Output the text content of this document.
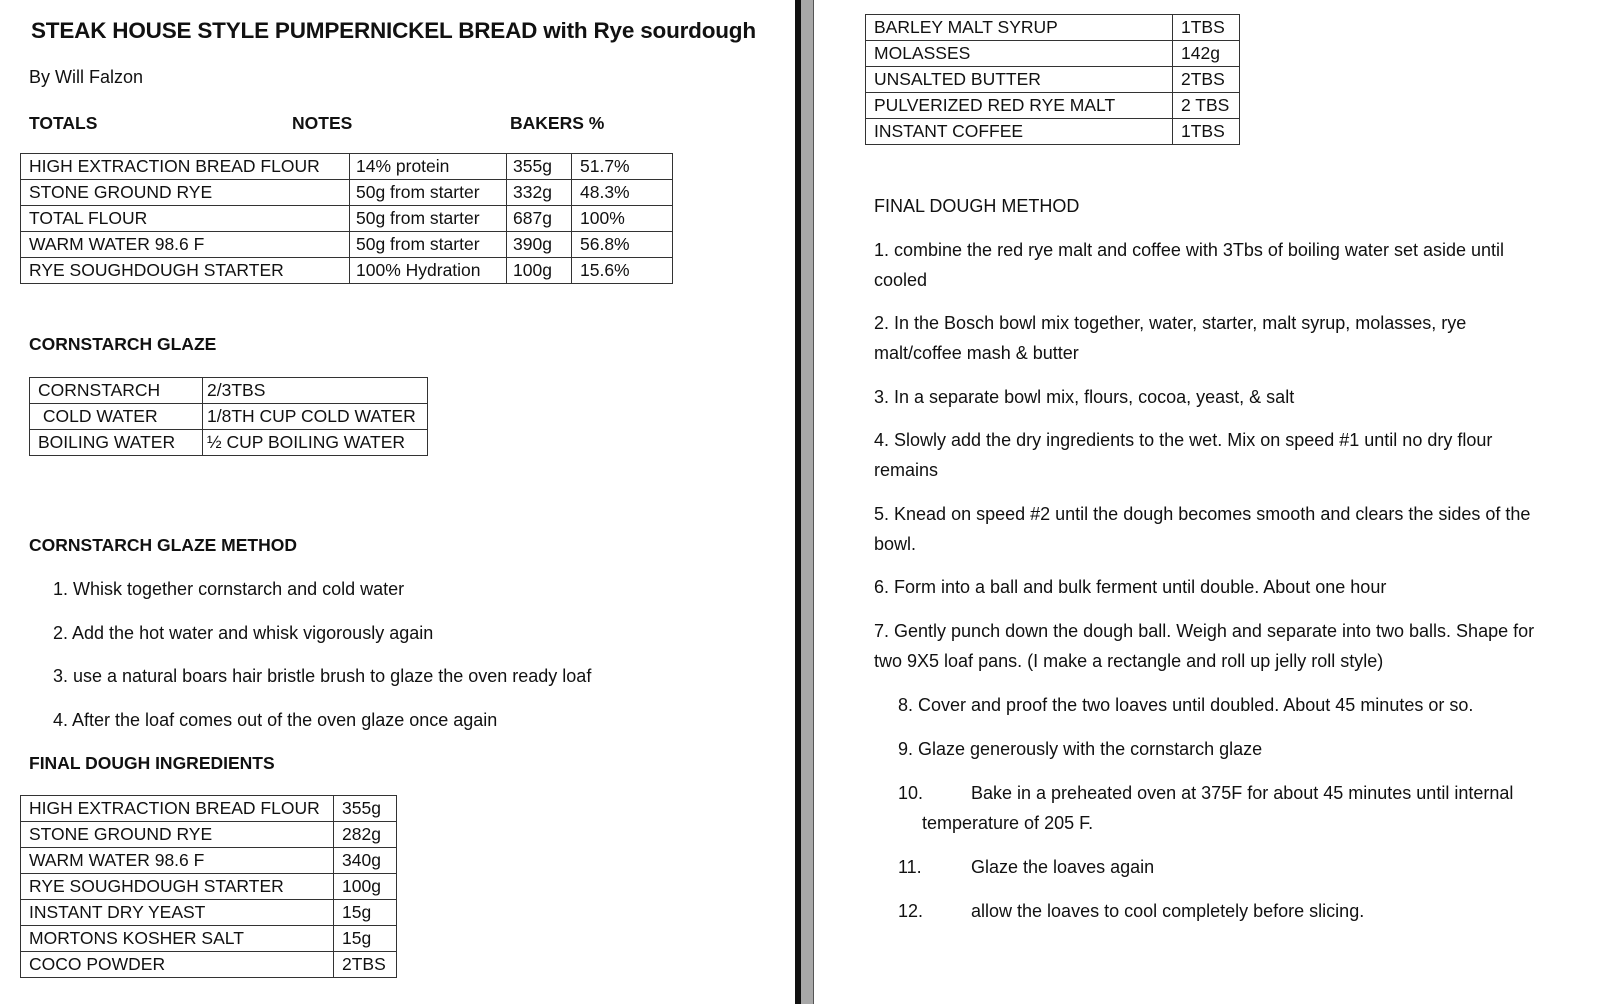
STEAK HOUSE STYLE PUMPERNICKEL BREAD with Rye sourdough
By Will Falzon
TOTALS	NOTES	BAKERS %
HIGH EXTRACTION BREAD FLOUR	14% protein	355g	51.7%
STONE GROUND RYE	50g from starter	332g	48.3%
TOTAL FLOUR	50g from starter	687g	100%
WARM WATER 98.6 F	50g from starter	390g	56.8%
RYE SOUGHDOUGH STARTER	100% Hydration	100g	15.6%
CORNSTARCH GLAZE
CORNSTARCH	2/3TBS
COLD WATER	1/8TH CUP COLD WATER
BOILING WATER	½ CUP BOILING WATER
CORNSTARCH GLAZE METHOD
1. Whisk together cornstarch and cold water
2. Add the hot water and whisk vigorously again
3. use a natural boars hair bristle brush to glaze the oven ready loaf
4. After the loaf comes out of the oven glaze once again
FINAL DOUGH INGREDIENTS
HIGH EXTRACTION BREAD FLOUR	355g
STONE GROUND RYE	282g
WARM WATER 98.6 F	340g
RYE SOUGHDOUGH STARTER	100g
INSTANT DRY YEAST	15g
MORTONS KOSHER SALT	15g
COCO POWDER	2TBS
BARLEY MALT SYRUP	1TBS
MOLASSES	142g
UNSALTED BUTTER	2TBS
PULVERIZED RED RYE MALT	2 TBS
INSTANT COFFEE	1TBS
FINAL DOUGH METHOD
1. combine the red rye malt and coffee with 3Tbs of boiling water set aside until
cooled
2. In the Bosch bowl mix together, water, starter, malt syrup, molasses, rye
malt/coffee mash & butter
3. In a separate bowl mix, flours, cocoa, yeast, & salt
4. Slowly add the dry ingredients to the wet. Mix on speed #1 until no dry flour
remains
5. Knead on speed #2 until the dough becomes smooth and clears the sides of the
bowl.
6. Form into a ball and bulk ferment until double. About one hour
7. Gently punch down the dough ball. Weigh and separate into two balls. Shape for
two 9X5 loaf pans. (I make a rectangle and roll up jelly roll style)
8. Cover and proof the two loaves until doubled. About 45 minutes or so.
9. Glaze generously with the cornstarch glaze
10.	Bake in a preheated oven at 375F for about 45 minutes until internal
temperature of 205 F.
11.	Glaze the loaves again
12.	allow the loaves to cool completely before slicing.
